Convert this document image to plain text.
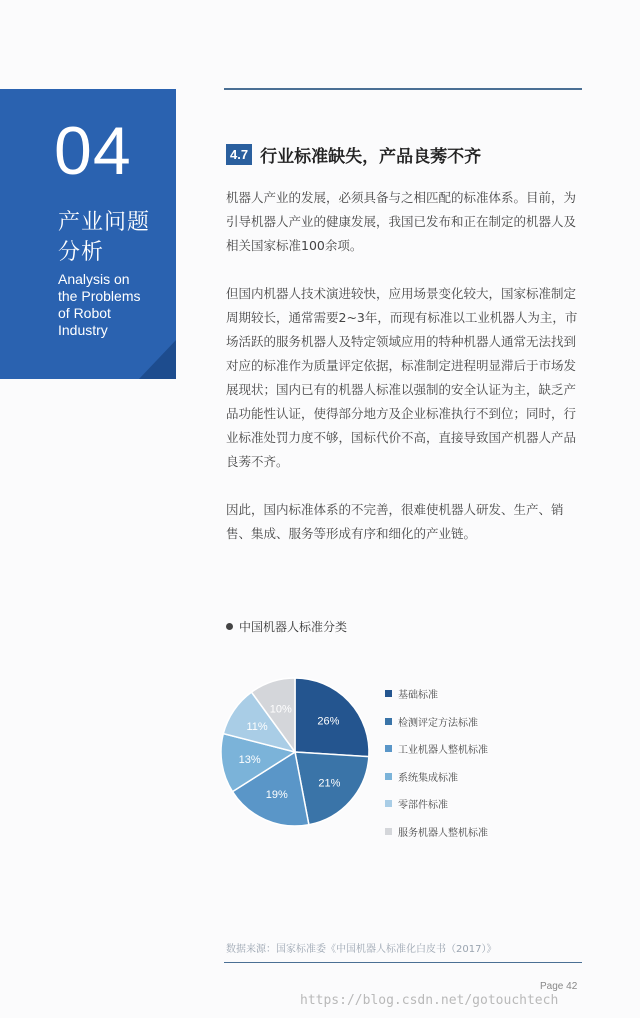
04
产业问题
分析
Analysis on
the Problems
of Robot
Industry
4.7 行业标准缺失，产品良莠不齐

机器人产业的发展，必须具备与之相匹配的标准体系。目前，为引导机器人产业的健康发展，我国已发布和正在制定的机器人及相关国家标准100余项。

但国内机器人技术演进较快，应用场景变化较大，国家标准制定周期较长，通常需要2~3年，而现有标准以工业机器人为主，市场活跃的服务机器人及特定领域应用的特种机器人通常无法找到对应的标准作为质量评定依据，标准制定进程明显滞后于市场发展现状；国内已有的机器人标准以强制的安全认证为主，缺乏产品功能性认证，使得部分地方及企业标准执行不到位；同时，行业标准处罚力度不够，国标代价不高，直接导致国产机器人产品良莠不齐。

因此，国内标准体系的不完善，很难使机器人研发、生产、销售、集成、服务等形成有序和细化的产业链。

中国机器人标准分类
26%
21%
19%
13%
11%
10%
基础标准
检测评定方法标准
工业机器人整机标准
系统集成标准
零部件标准
服务机器人整机标准
数据来源：国家标准委《中国机器人标准化白皮书（2017）》
Page 42
https://blog.csdn.net/gotouchtech
